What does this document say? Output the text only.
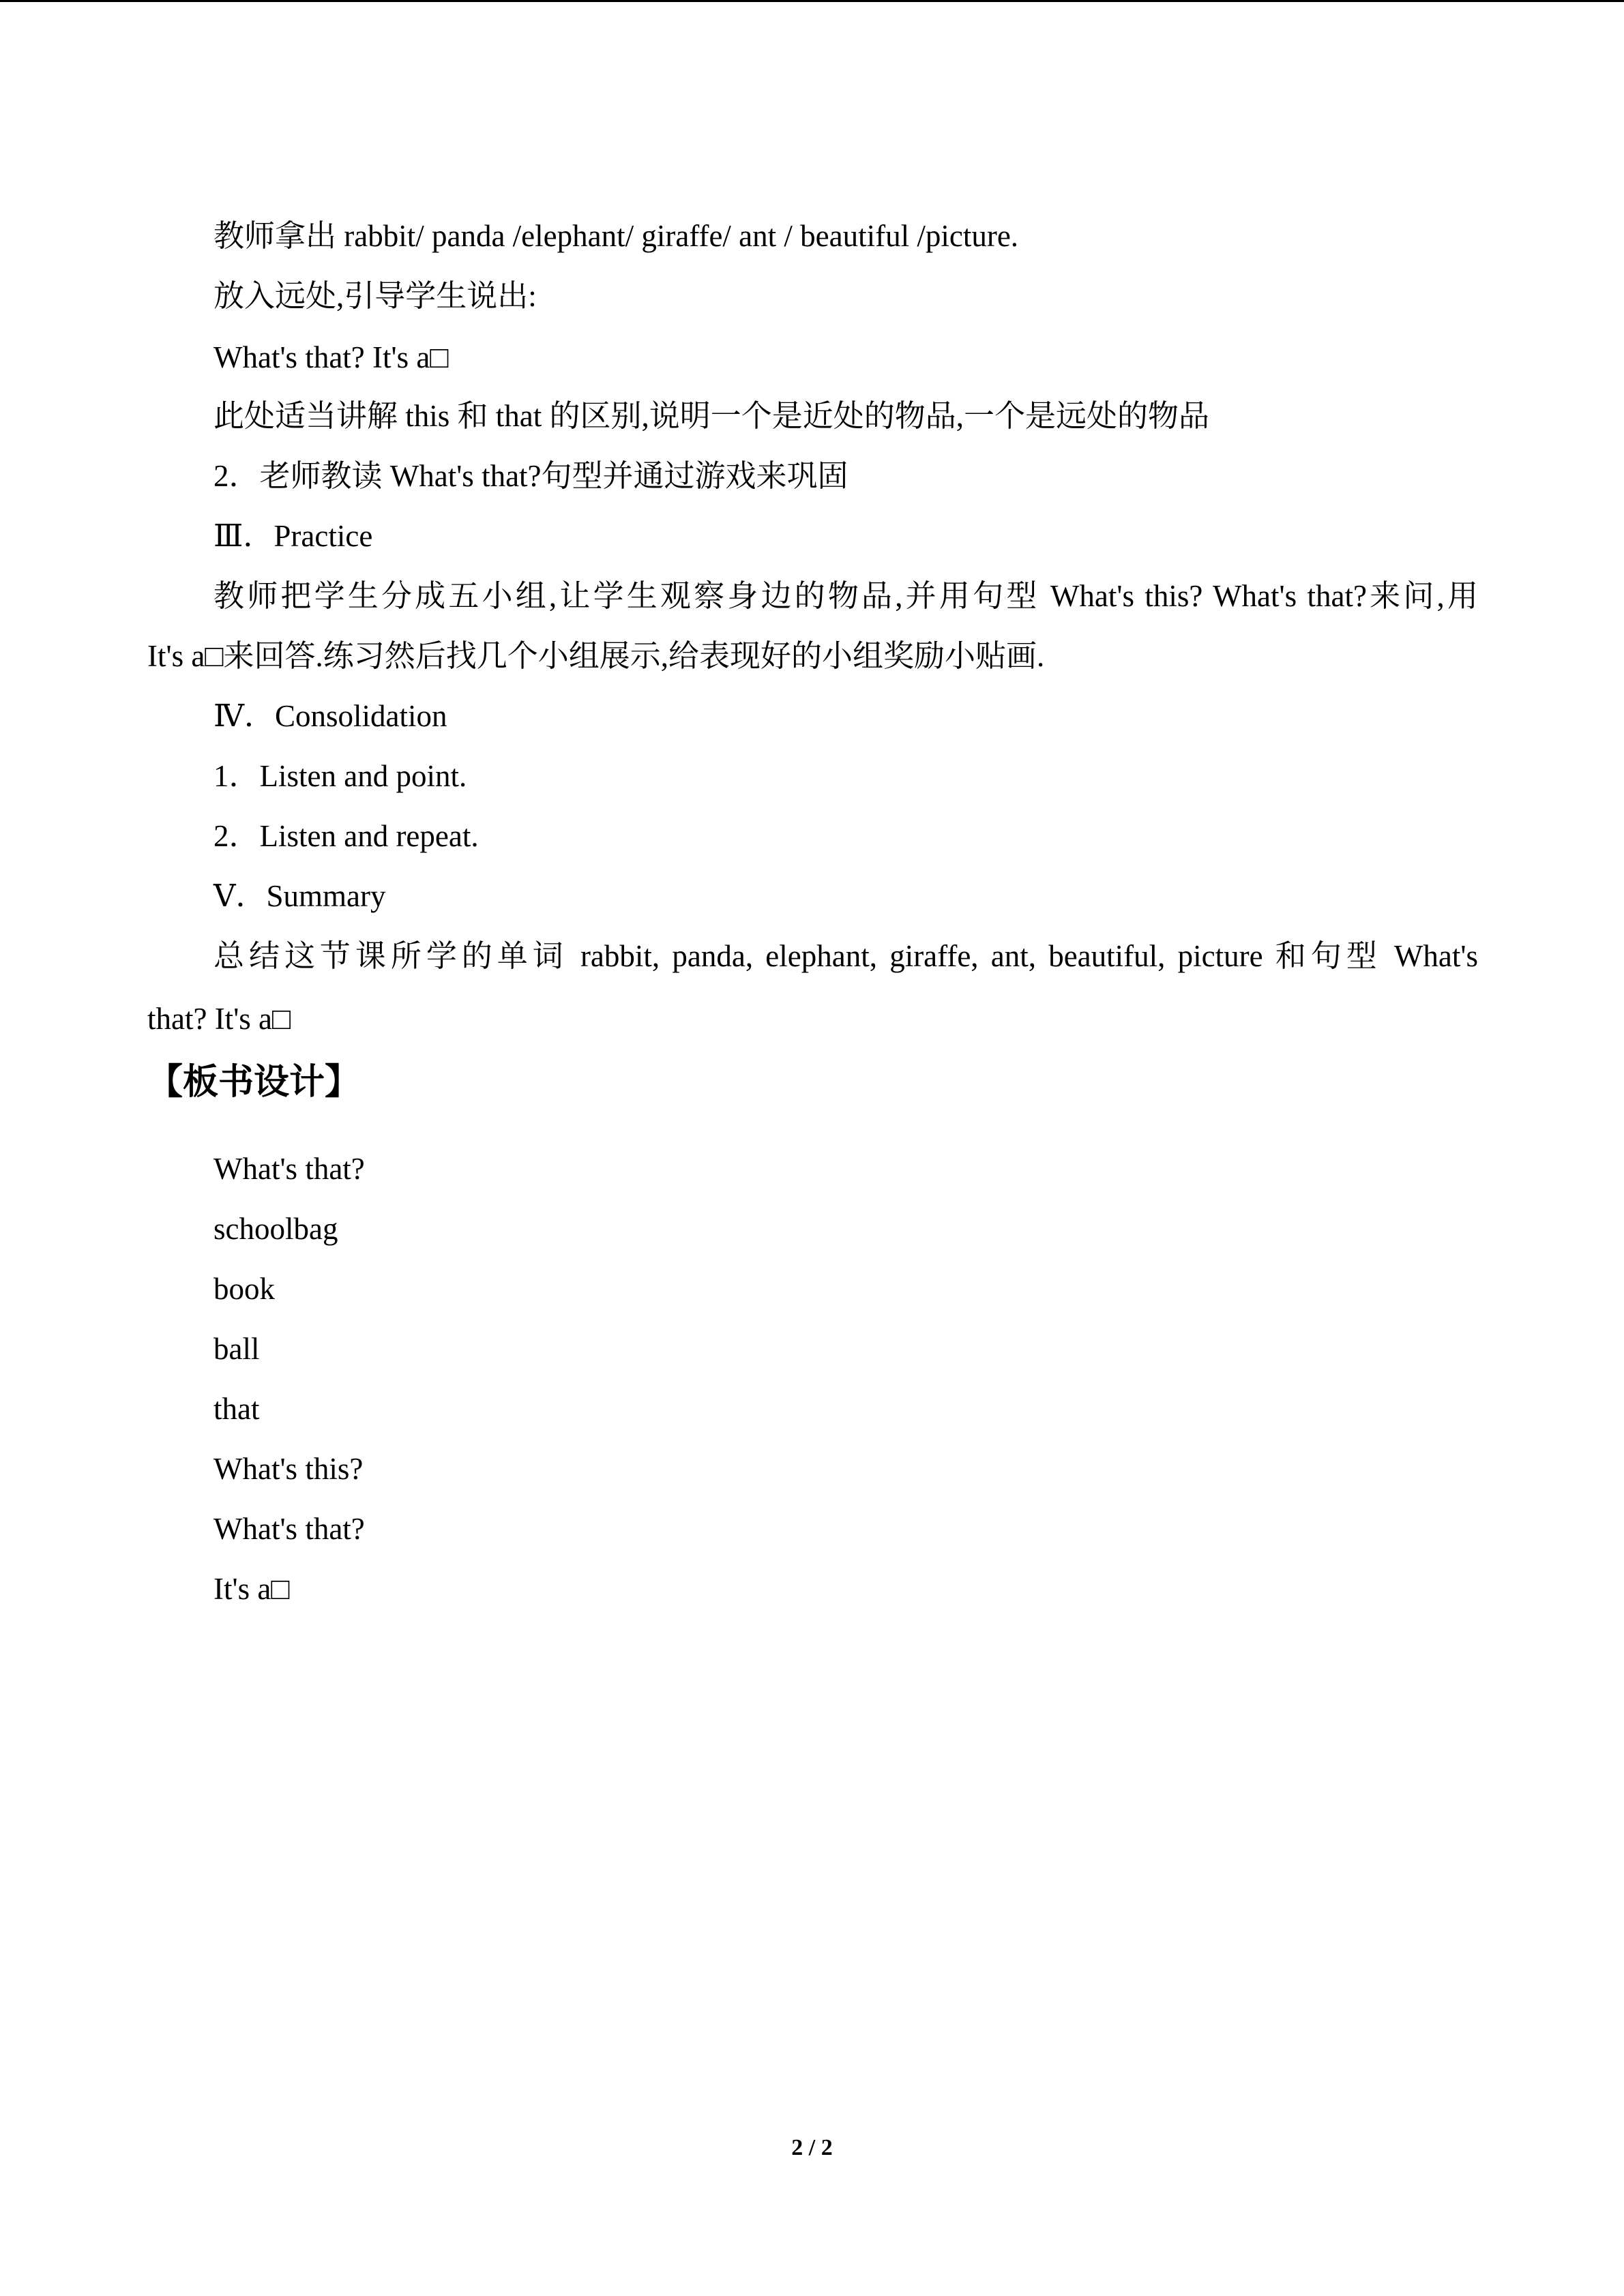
教师拿出 rabbit/ panda /elephant/ giraffe/ ant / beautiful /picture.
放入远处,引导学生说出:
What's that? It's a□
此处适当讲解 this 和 that 的区别,说明一个是近处的物品,一个是远处的物品
2．老师教读 What's that?句型并通过游戏来巩固
Ⅲ．Practice
教师把学生分成五小组,让学生观察身边的物品,并用句型 What's this? What's that?来问,用
It's a□来回答.练习然后找几个小组展示,给表现好的小组奖励小贴画.
Ⅳ．Consolidation
1．Listen and point.
2．Listen and repeat.
Ⅴ．Summary
总结这节课所学的单词 rabbit, panda, elephant, giraffe, ant, beautiful, picture 和句型 What's
that? It's a□
【板书设计】
What's that?
schoolbag
book
ball
that
What's this?
What's that?
It's a□
2 / 2
